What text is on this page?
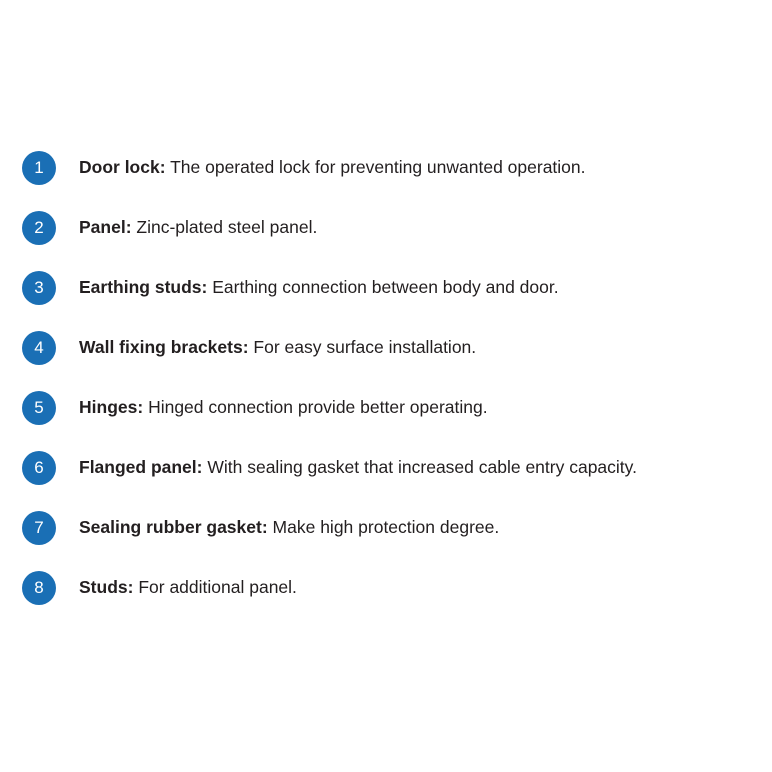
1	Door lock: The operated lock for preventing unwanted operation.
2	Panel: Zinc-plated steel panel.
3	Earthing studs: Earthing connection between body and door.
4	Wall fixing brackets: For easy surface installation.
5	Hinges: Hinged connection provide better operating.
6	Flanged panel: With sealing gasket that increased cable entry capacity.
7	Sealing rubber gasket: Make high protection degree.
8	Studs: For additional panel.
